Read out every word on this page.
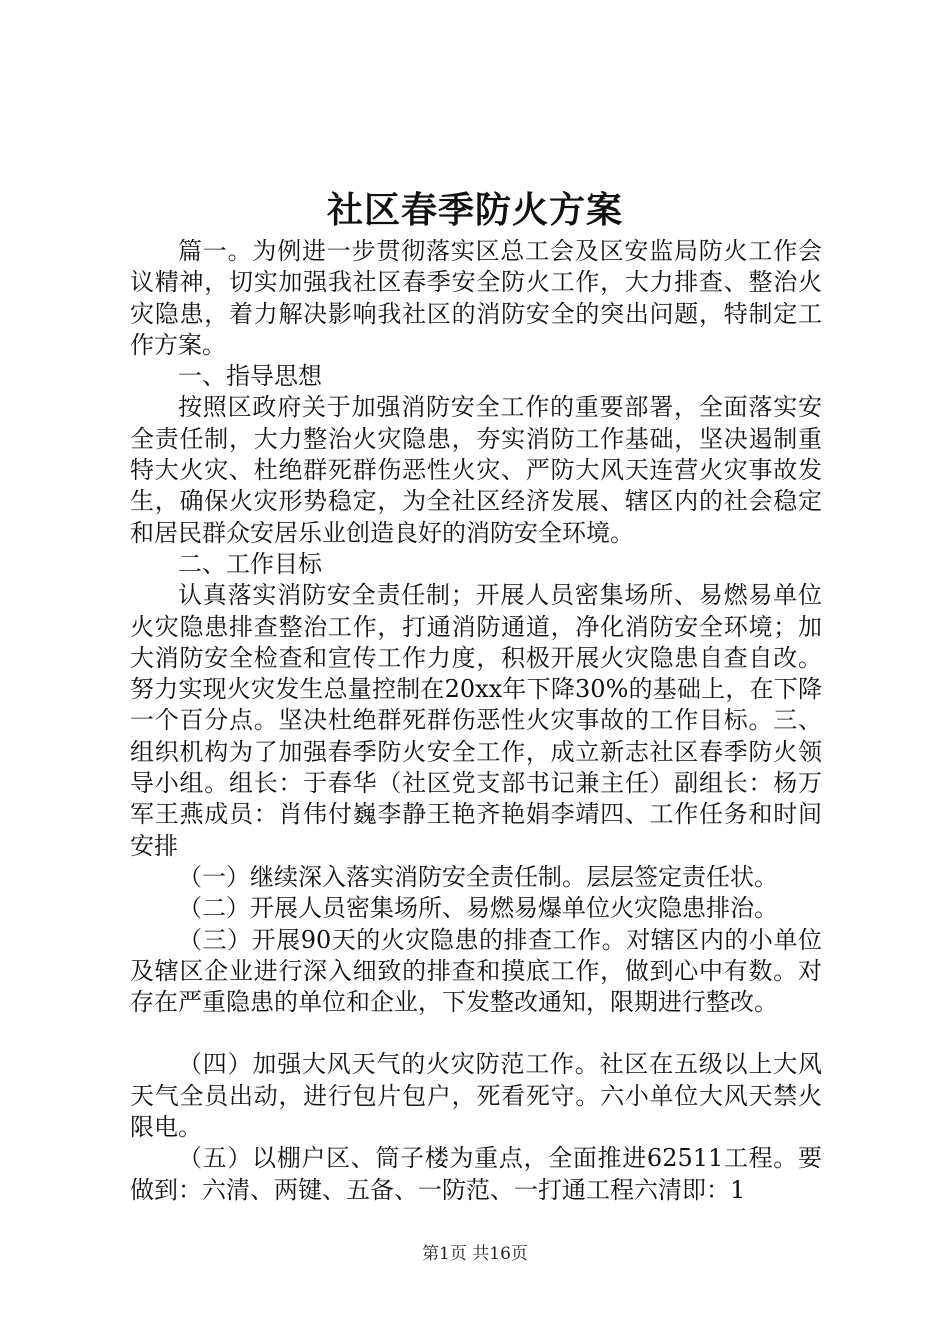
社区春季防火方案

篇一。为例进一步贯彻落实区总工会及区安监局防火工作会议精神，切实加强我社区春季安全防火工作，大力排查、整治火灾隐患，着力解决影响我社区的消防安全的突出问题，特制定工作方案。

一、指导思想

按照区政府关于加强消防安全工作的重要部署，全面落实安全责任制，大力整治火灾隐患，夯实消防工作基础，坚决遏制重特大火灾、杜绝群死群伤恶性火灾、严防大风天连营火灾事故发生，确保火灾形势稳定，为全社区经济发展、辖区内的社会稳定和居民群众安居乐业创造良好的消防安全环境。

二、工作目标

认真落实消防安全责任制；开展人员密集场所、易燃易单位火灾隐患排查整治工作，打通消防通道，净化消防安全环境；加大消防安全检查和宣传工作力度，积极开展火灾隐患自查自改。努力实现火灾发生总量控制在20xx年下降30%的基础上，在下降一个百分点。坚决杜绝群死群伤恶性火灾事故的工作目标。三、组织机构为了加强春季防火安全工作，成立新志社区春季防火领导小组。组长：于春华（社区党支部书记兼主任）副组长：杨万军王燕成员：肖伟付巍李静王艳齐艳娟李靖四、工作任务和时间安排

（一）继续深入落实消防安全责任制。层层签定责任状。

（二）开展人员密集场所、易燃易爆单位火灾隐患排治。

（三）开展90天的火灾隐患的排查工作。对辖区内的小单位及辖区企业进行深入细致的排查和摸底工作，做到心中有数。对存在严重隐患的单位和企业，下发整改通知，限期进行整改。

（四）加强大风天气的火灾防范工作。社区在五级以上大风天气全员出动，进行包片包户，死看死守。六小单位大风天禁火限电。

（五）以棚户区、筒子楼为重点，全面推进62511工程。要做到：六清、两键、五备、一防范、一打通工程六清即：1

第1页 共16页
